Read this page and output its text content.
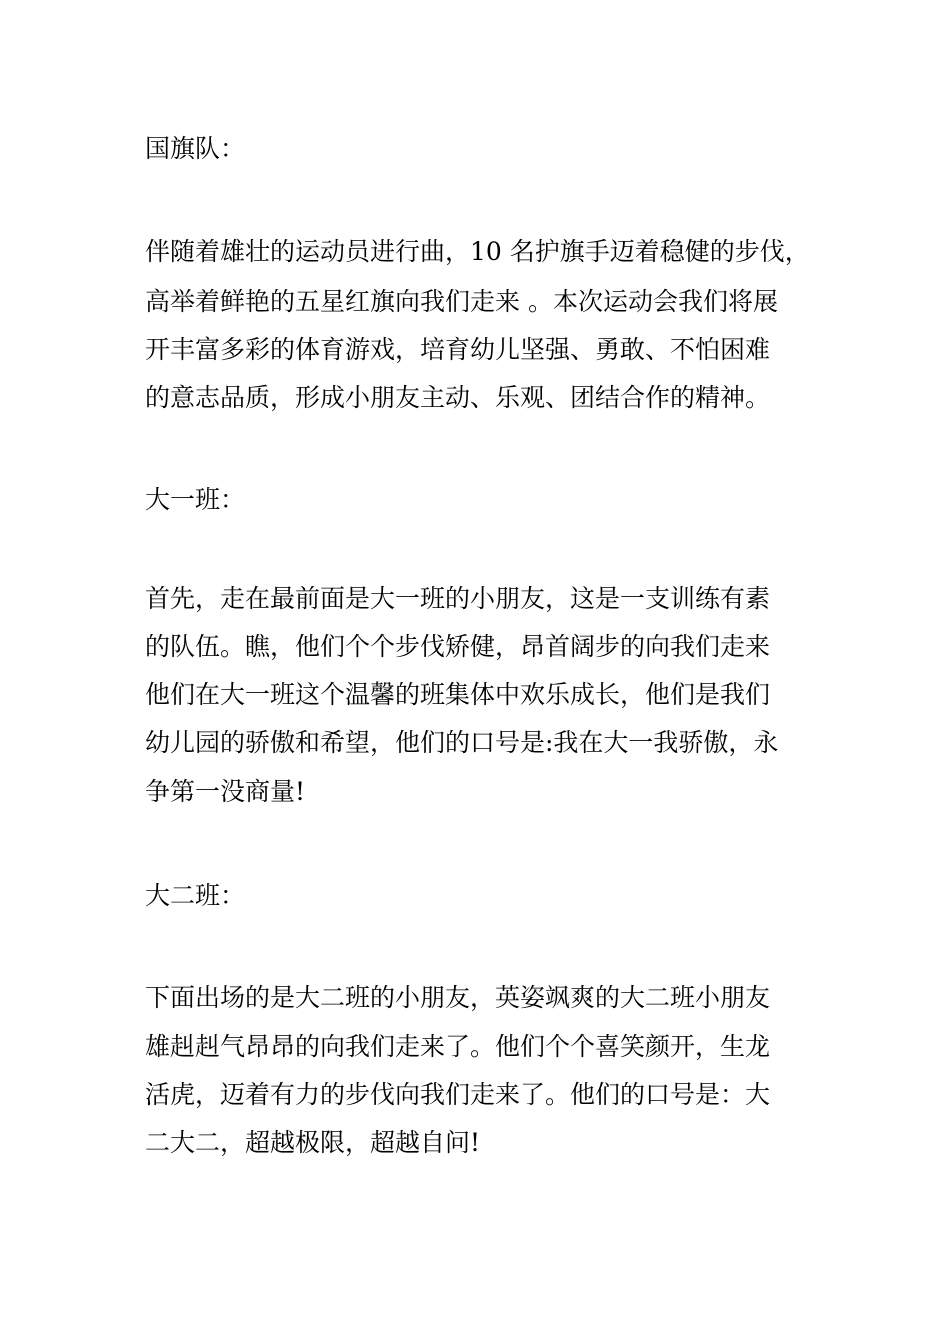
国旗队：
伴随着雄壮的运动员进行曲，10 名护旗手迈着稳健的步伐，
高举着鲜艳的五星红旗向我们走来 。本次运动会我们将展
开丰富多彩的体育游戏，培育幼儿坚强、勇敢、不怕困难
的意志品质，形成小朋友主动、乐观、团结合作的精神。
大一班：
首先，走在最前面是大一班的小朋友，这是一支训练有素
的队伍。瞧，他们个个步伐矫健，昂首阔步的向我们走来
他们在大一班这个温馨的班集体中欢乐成长，他们是我们
幼儿园的骄傲和希望，他们的口号是:我在大一我骄傲，永
争第一没商量!
大二班：
下面出场的是大二班的小朋友，英姿飒爽的大二班小朋友
雄赳赳气昂昂的向我们走来了。他们个个喜笑颜开，生龙
活虎，迈着有力的步伐向我们走来了。他们的口号是：大
二大二，超越极限，超越自问!
